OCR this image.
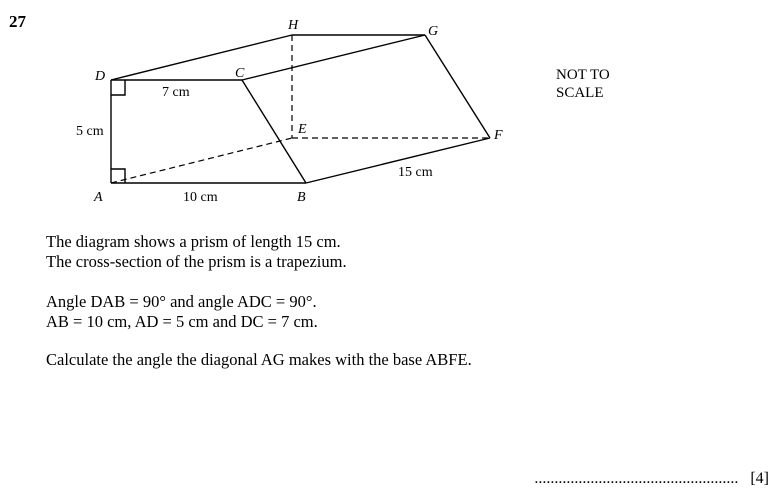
27	H	G
D	C
E	F
A	B
7 cm
5 cm
10 cm
15 cm
NOT TO
SCALE
The diagram shows a prism of length 15 cm.
The cross-section of the prism is a trapezium.
Angle DAB = 90° and angle ADC = 90°.
AB = 10 cm, AD = 5 cm and DC = 7 cm.
Calculate the angle the diagonal AG makes with the base ABFE.
................................................... [4]
